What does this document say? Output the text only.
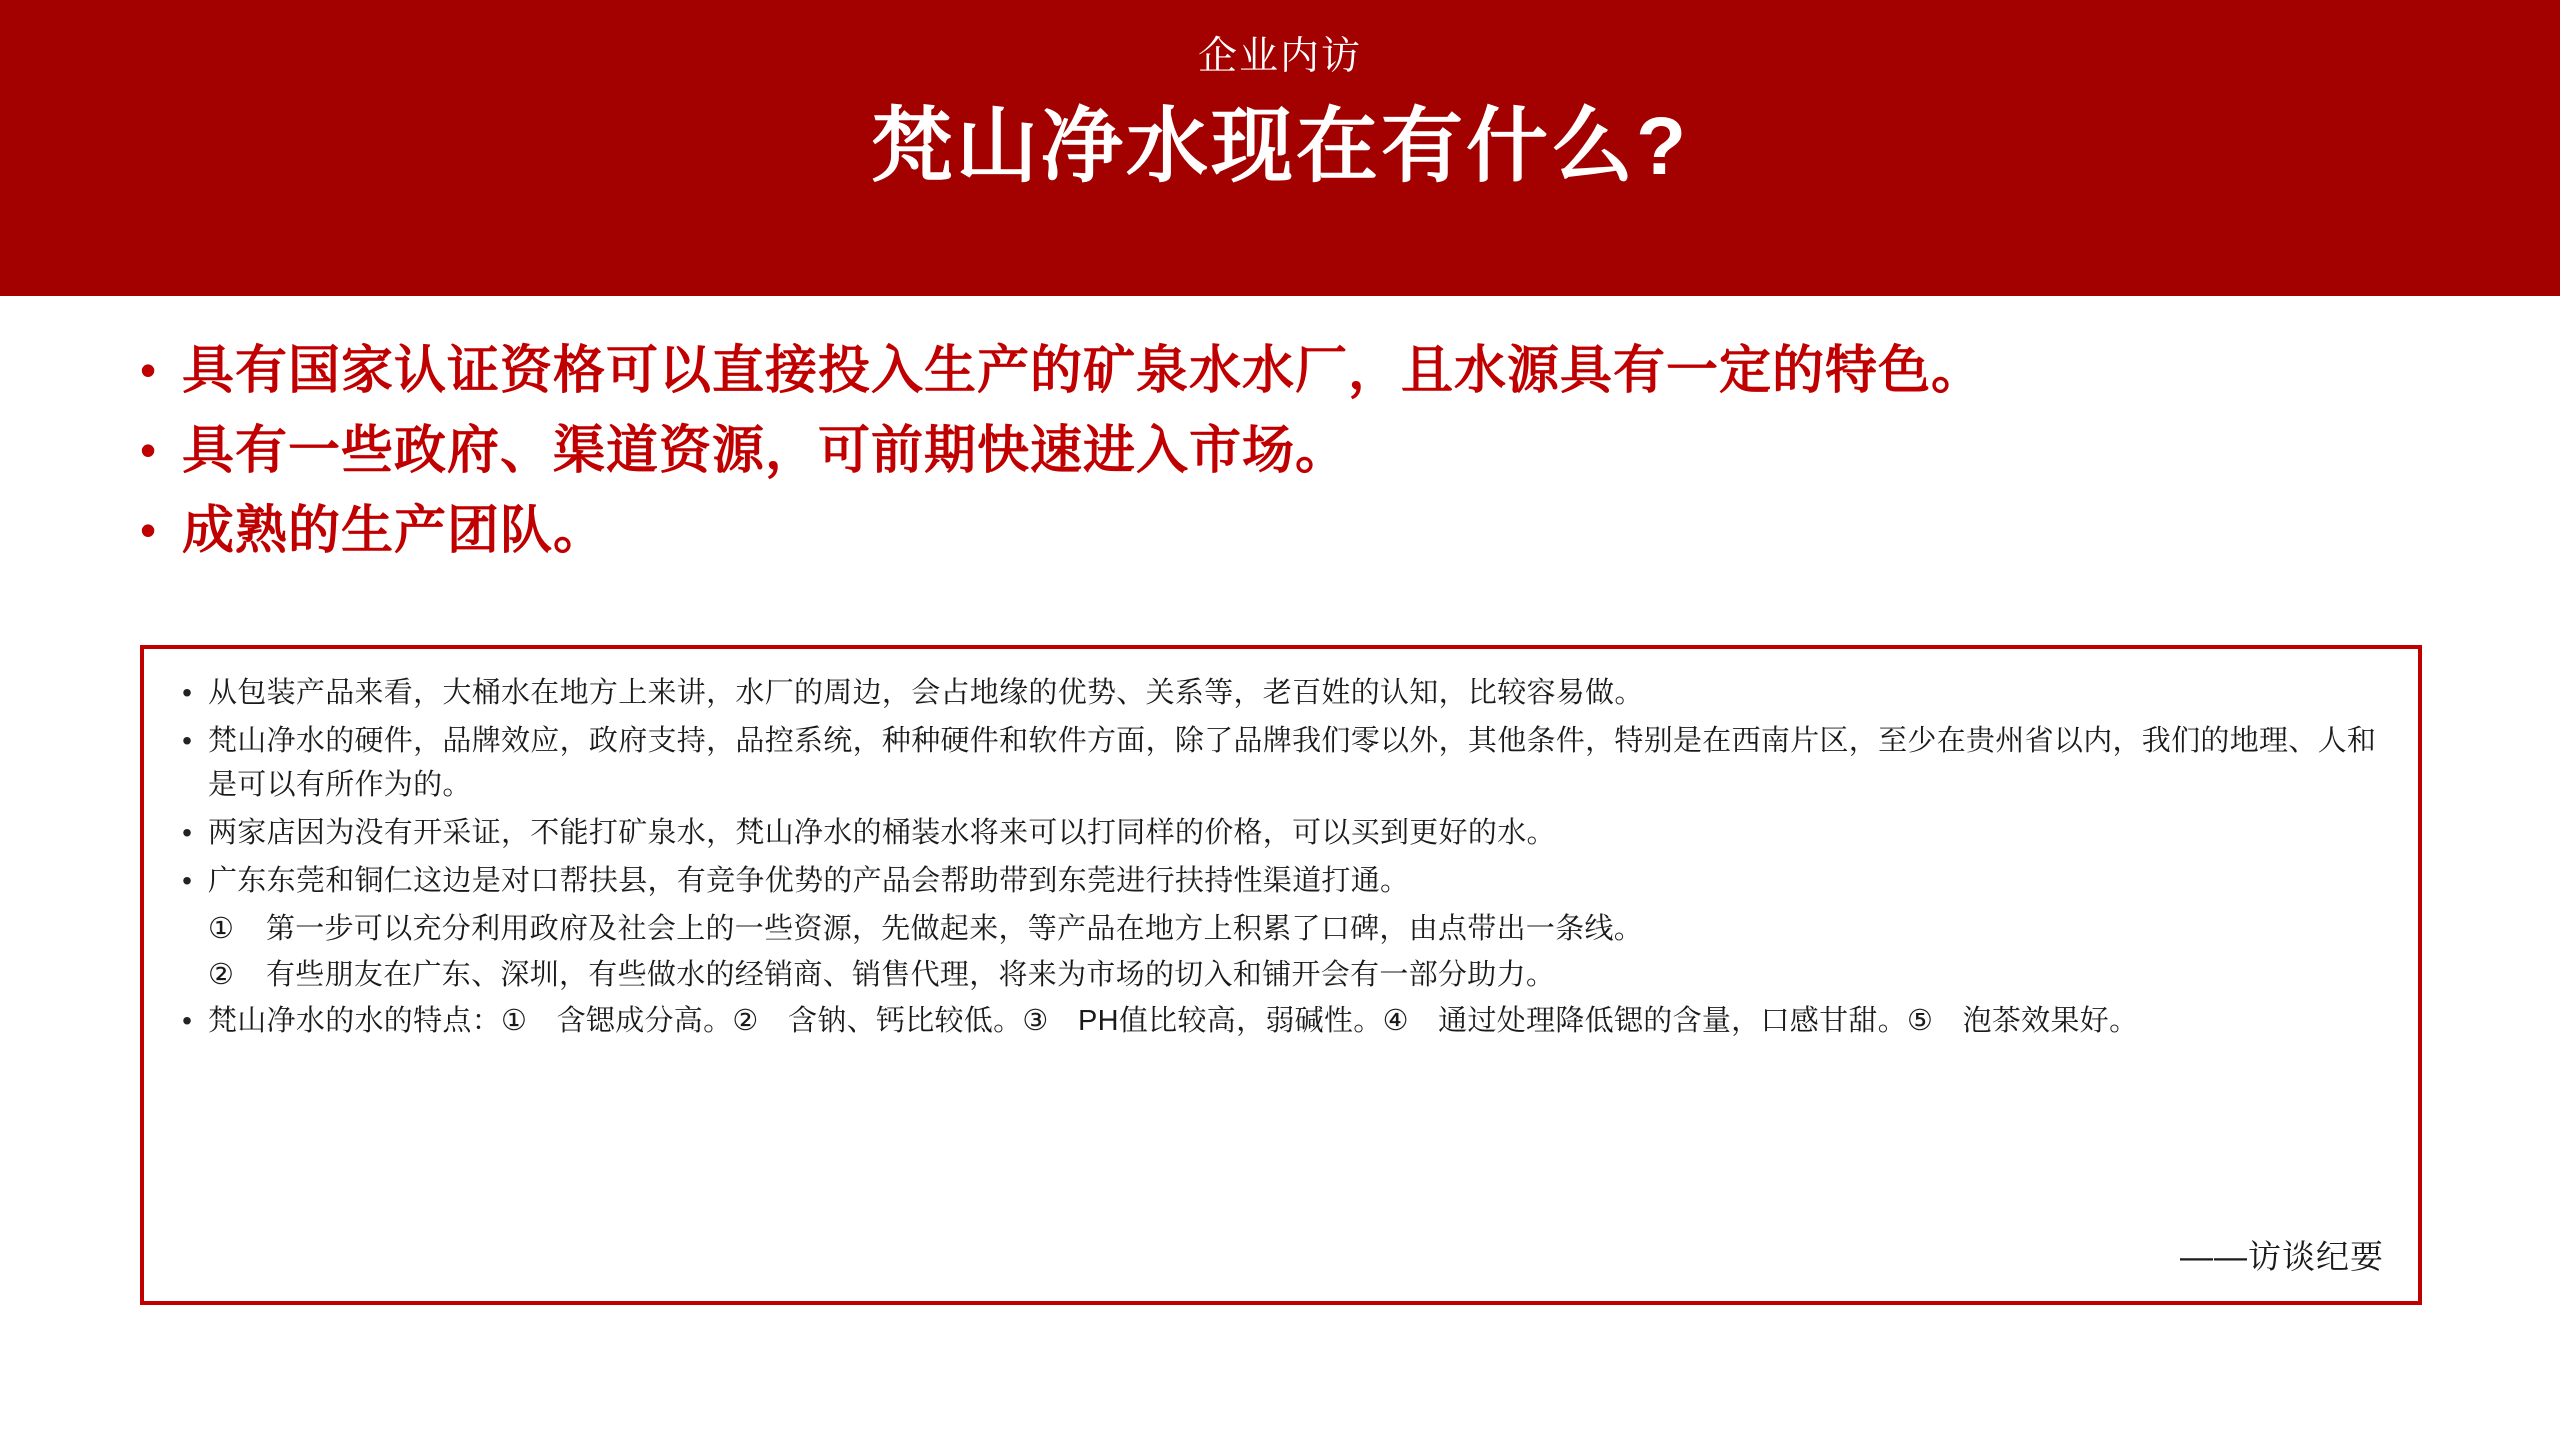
企业内访
梵山净水现在有什么?
• 具有国家认证资格可以直接投入生产的矿泉水水厂，且水源具有一定的特色。
• 具有一些政府、渠道资源，可前期快速进入市场。
• 成熟的生产团队。
• 从包装产品来看，大桶水在地方上来讲，水厂的周边，会占地缘的优势、关系等，老百姓的认知，比较容易做。
• 梵山净水的硬件，品牌效应，政府支持，品控系统，种种硬件和软件方面，除了品牌我们零以外，其他条件，特别是在西南片区，至少在贵州省以内，我们的地理、人和是可以有所作为的。
• 两家店因为没有开采证，不能打矿泉水，梵山净水的桶装水将来可以打同样的价格，可以买到更好的水。
• 广东东莞和铜仁这边是对口帮扶县，有竞争优势的产品会帮助带到东莞进行扶持性渠道打通。
①	第一步可以充分利用政府及社会上的一些资源，先做起来，等产品在地方上积累了口碑，由点带出一条线。
②	有些朋友在广东、深圳，有些做水的经销商、销售代理，将来为市场的切入和铺开会有一部分助力。
• 梵山净水的水的特点：①　含锶成分高。②　含钠、钙比较低。③　PH值比较高，弱碱性。④　通过处理降低锶的含量，口感甘甜。⑤　泡茶效果好。
——访谈纪要
